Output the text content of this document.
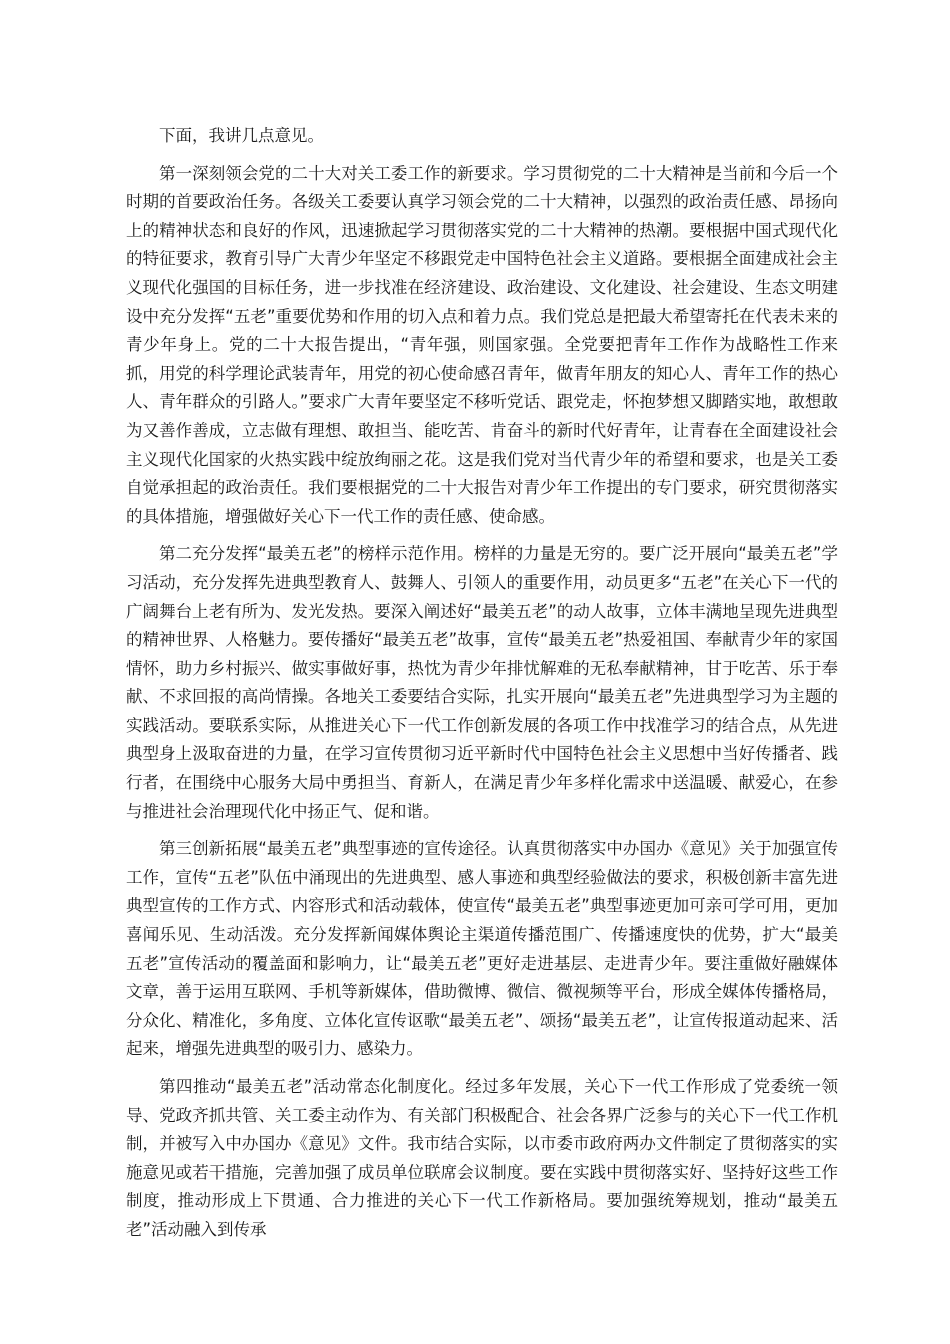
下面，我讲几点意见。

第一深刻领会党的二十大对关工委工作的新要求。学习贯彻党的二十大精神是当前和今后一个时期的首要政治任务。各级关工委要认真学习领会党的二十大精神，以强烈的政治责任感、昂扬向上的精神状态和良好的作风，迅速掀起学习贯彻落实党的二十大精神的热潮。要根据中国式现代化的特征要求，教育引导广大青少年坚定不移跟党走中国特色社会主义道路。要根据全面建成社会主义现代化强国的目标任务，进一步找准在经济建设、政治建设、文化建设、社会建设、生态文明建设中充分发挥“五老”重要优势和作用的切入点和着力点。我们党总是把最大希望寄托在代表未来的青少年身上。党的二十大报告提出，“青年强，则国家强。全党要把青年工作作为战略性工作来抓，用党的科学理论武装青年，用党的初心使命感召青年，做青年朋友的知心人、青年工作的热心人、青年群众的引路人。”要求广大青年要坚定不移听党话、跟党走，怀抱梦想又脚踏实地，敢想敢为又善作善成，立志做有理想、敢担当、能吃苦、肯奋斗的新时代好青年，让青春在全面建设社会主义现代化国家的火热实践中绽放绚丽之花。这是我们党对当代青少年的希望和要求，也是关工委自觉承担起的政治责任。我们要根据党的二十大报告对青少年工作提出的专门要求，研究贯彻落实的具体措施，增强做好关心下一代工作的责任感、使命感。

第二充分发挥“最美五老”的榜样示范作用。榜样的力量是无穷的。要广泛开展向“最美五老”学习活动，充分发挥先进典型教育人、鼓舞人、引领人的重要作用，动员更多“五老”在关心下一代的广阔舞台上老有所为、发光发热。要深入阐述好“最美五老”的动人故事，立体丰满地呈现先进典型的精神世界、人格魅力。要传播好“最美五老”故事，宣传“最美五老”热爱祖国、奉献青少年的家国情怀，助力乡村振兴、做实事做好事，热忱为青少年排忧解难的无私奉献精神，甘于吃苦、乐于奉献、不求回报的高尚情操。各地关工委要结合实际，扎实开展向“最美五老”先进典型学习为主题的实践活动。要联系实际，从推进关心下一代工作创新发展的各项工作中找准学习的结合点，从先进典型身上汲取奋进的力量，在学习宣传贯彻习近平新时代中国特色社会主义思想中当好传播者、践行者，在围绕中心服务大局中勇担当、育新人，在满足青少年多样化需求中送温暖、献爱心，在参与推进社会治理现代化中扬正气、促和谐。

第三创新拓展“最美五老”典型事迹的宣传途径。认真贯彻落实中办国办《意见》关于加强宣传工作，宣传“五老”队伍中涌现出的先进典型、感人事迹和典型经验做法的要求，积极创新丰富先进典型宣传的工作方式、内容形式和活动载体，使宣传“最美五老”典型事迹更加可亲可学可用，更加喜闻乐见、生动活泼。充分发挥新闻媒体舆论主渠道传播范围广、传播速度快的优势，扩大“最美五老”宣传活动的覆盖面和影响力，让“最美五老”更好走进基层、走进青少年。要注重做好融媒体文章，善于运用互联网、手机等新媒体，借助微博、微信、微视频等平台，形成全媒体传播格局，分众化、精准化，多角度、立体化宣传讴歌“最美五老”、颂扬“最美五老”，让宣传报道动起来、活起来，增强先进典型的吸引力、感染力。

第四推动“最美五老”活动常态化制度化。经过多年发展，关心下一代工作形成了党委统一领导、党政齐抓共管、关工委主动作为、有关部门积极配合、社会各界广泛参与的关心下一代工作机制，并被写入中办国办《意见》文件。我市结合实际，以市委市政府两办文件制定了贯彻落实的实施意见或若干措施，完善加强了成员单位联席会议制度。要在实践中贯彻落实好、坚持好这些工作制度，推动形成上下贯通、合力推进的关心下一代工作新格局。要加强统筹规划，推动“最美五老”活动融入到传承
